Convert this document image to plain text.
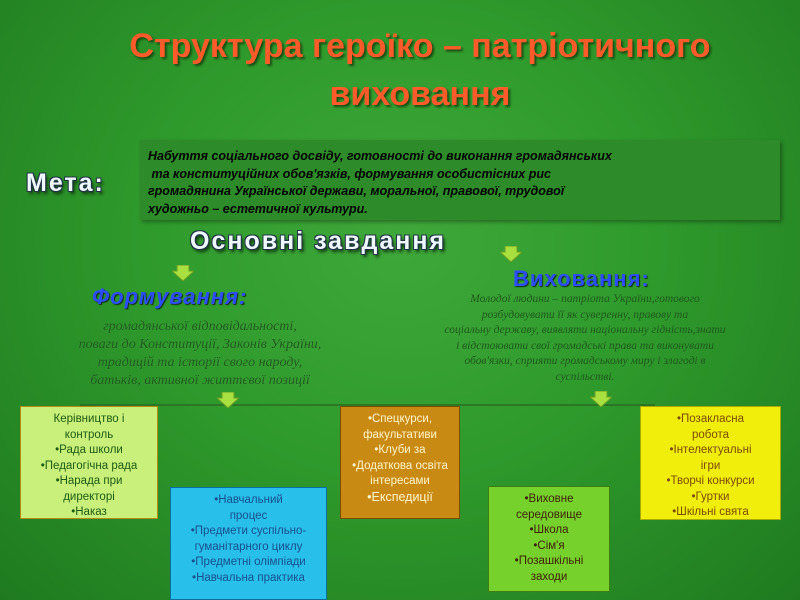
Структура героїко – патріотичного
виховання
Набуття соціального досвіду, готовності до виконання громадянських
та конституційних обов'язків, формування особистісних рис
громадянина Української держави, моральної, правової, трудової
художньо – естетичної культури.
Мета:
Основні завдання
Формування:
Виховання:
громадянської відповідальності,
поваги до Конституції, Законів України,
традицій та історії свого народу,
батьків, активної життєвої позиції
Молодої людини – патріота України,готового
розбудовувати її як суверенну, правову та
соціальну державу, виявляти національну гідність,знати
і відстоювати свої громадські права та виконувати
обов'язки, сприяти громадському миру і злагоді в
суспільстві.
Керівництво і
контроль
•Рада школи
•Педагогічна рада
•Нарада при
директорі
•Наказ
•Навчальний
процес
•Предмети суспільно-
гуманітарного циклу
•Предметні олімпіади
•Навчальна практика
•Спецкурси,
факультативи
•Клуби за
•Додаткова освіта
інтересами
•Експедиції	•Виховне
середовище
•Школа
•Сім'я
•Позашкільні
заходи
•Позакласна
робота
•Інтелектуальні
ігри
•Творчі конкурси
•Гуртки
•Шкільні свята
